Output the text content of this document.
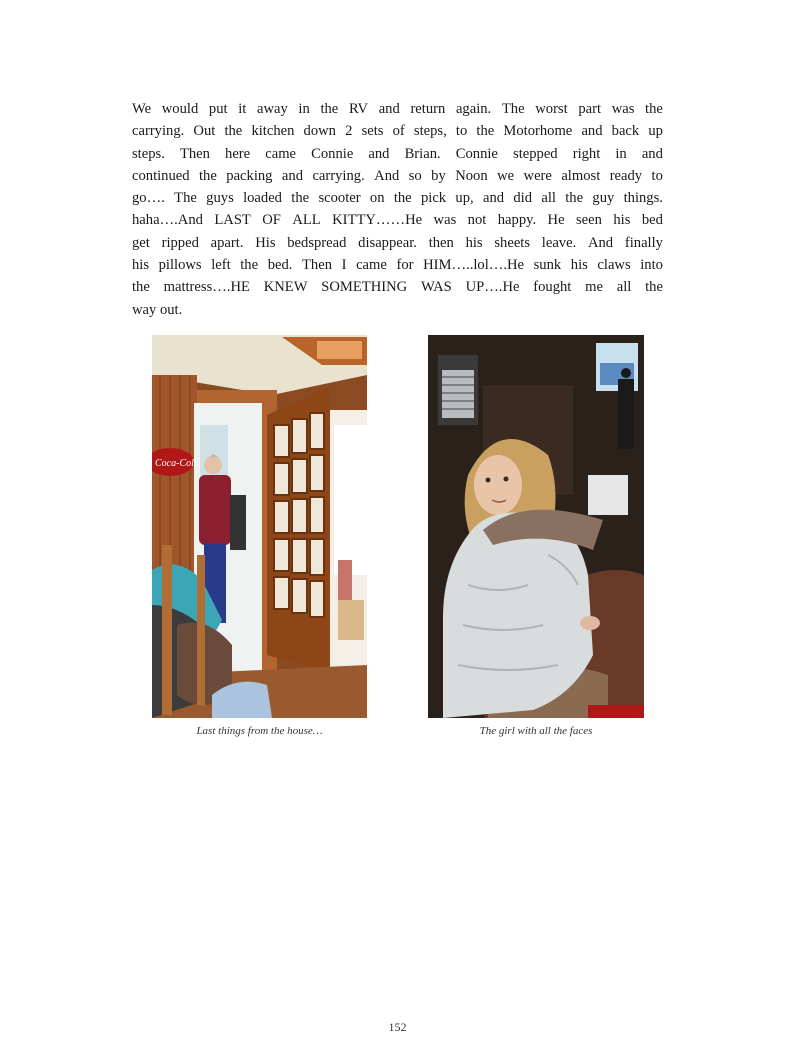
We would put it away in the RV and return again. The worst part was the
carrying. Out the kitchen down 2 sets of steps, to the Motorhome and back up
steps. Then here came Connie and Brian. Connie stepped right in and
continued the packing and carrying. And so by Noon we were almost ready to
go…. The guys loaded the scooter on the pick up, and did all the guy things.
haha….And LAST OF ALL KITTY……He was not happy. He seen his bed
get ripped apart. His bedspread disappear. then his sheets leave. And finally
his pillows left the bed. Then I came for HIM…..lol….He sunk his claws into
the mattress….HE KNEW SOMETHING WAS UP….He fought me all the
way out.
Coca-Cola
Last things from the house…	The girl with all the faces
152
